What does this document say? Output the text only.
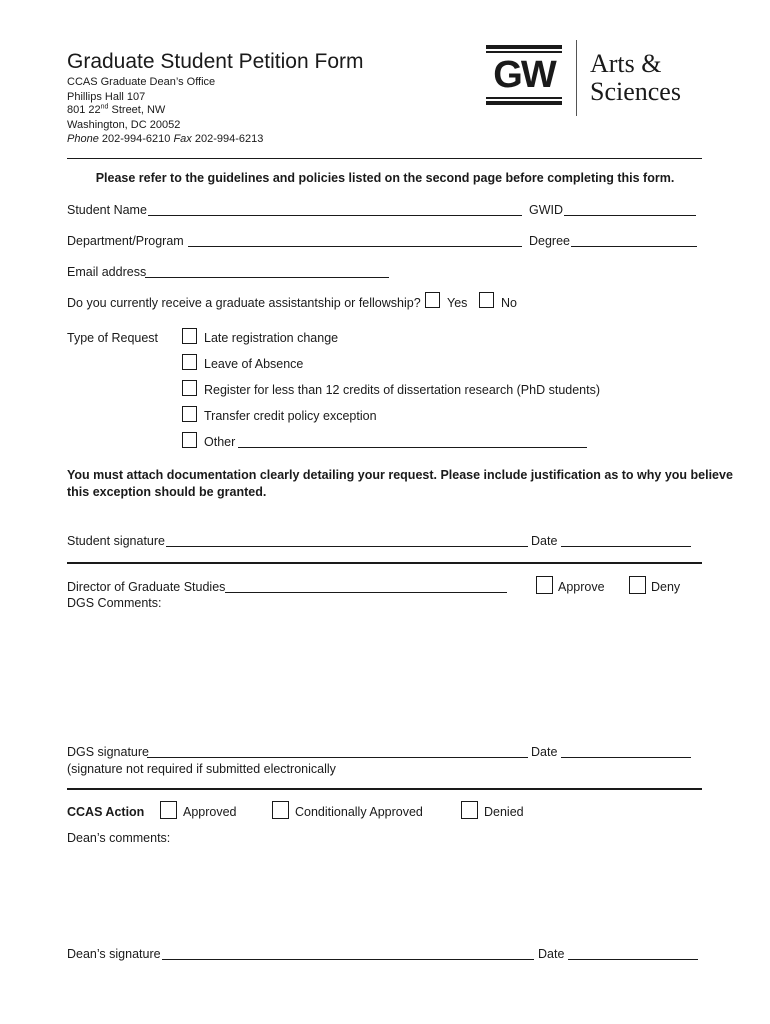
Graduate Student Petition Form
CCAS Graduate Dean’s Office
Phillips Hall 107
801 22nd Street, NW
Washington, DC 20052
Phone 202-994-6210 Fax 202-994-6213
GW Arts &
Sciences
Please refer to the guidelines and policies listed on the second page before completing this form.
Student Name	GWID
Department/Program	Degree
Email address
Do you currently receive a graduate assistantship or fellowship? Yes	No
Type of Request	Late registration change
Leave of Absence
Register for less than 12 credits of dissertation research (PhD students)
Transfer credit policy exception
Other
You must attach documentation clearly detailing your request. Please include justification as to why you believe
this exception should be granted.
Student signature	Date
Director of Graduate Studies	Approve	Deny
DGS Comments:
DGS signature	Date
(signature not required if submitted electronically
CCAS Action	Approved	Conditionally Approved	Denied
Dean’s comments:
Dean’s signature	Date
